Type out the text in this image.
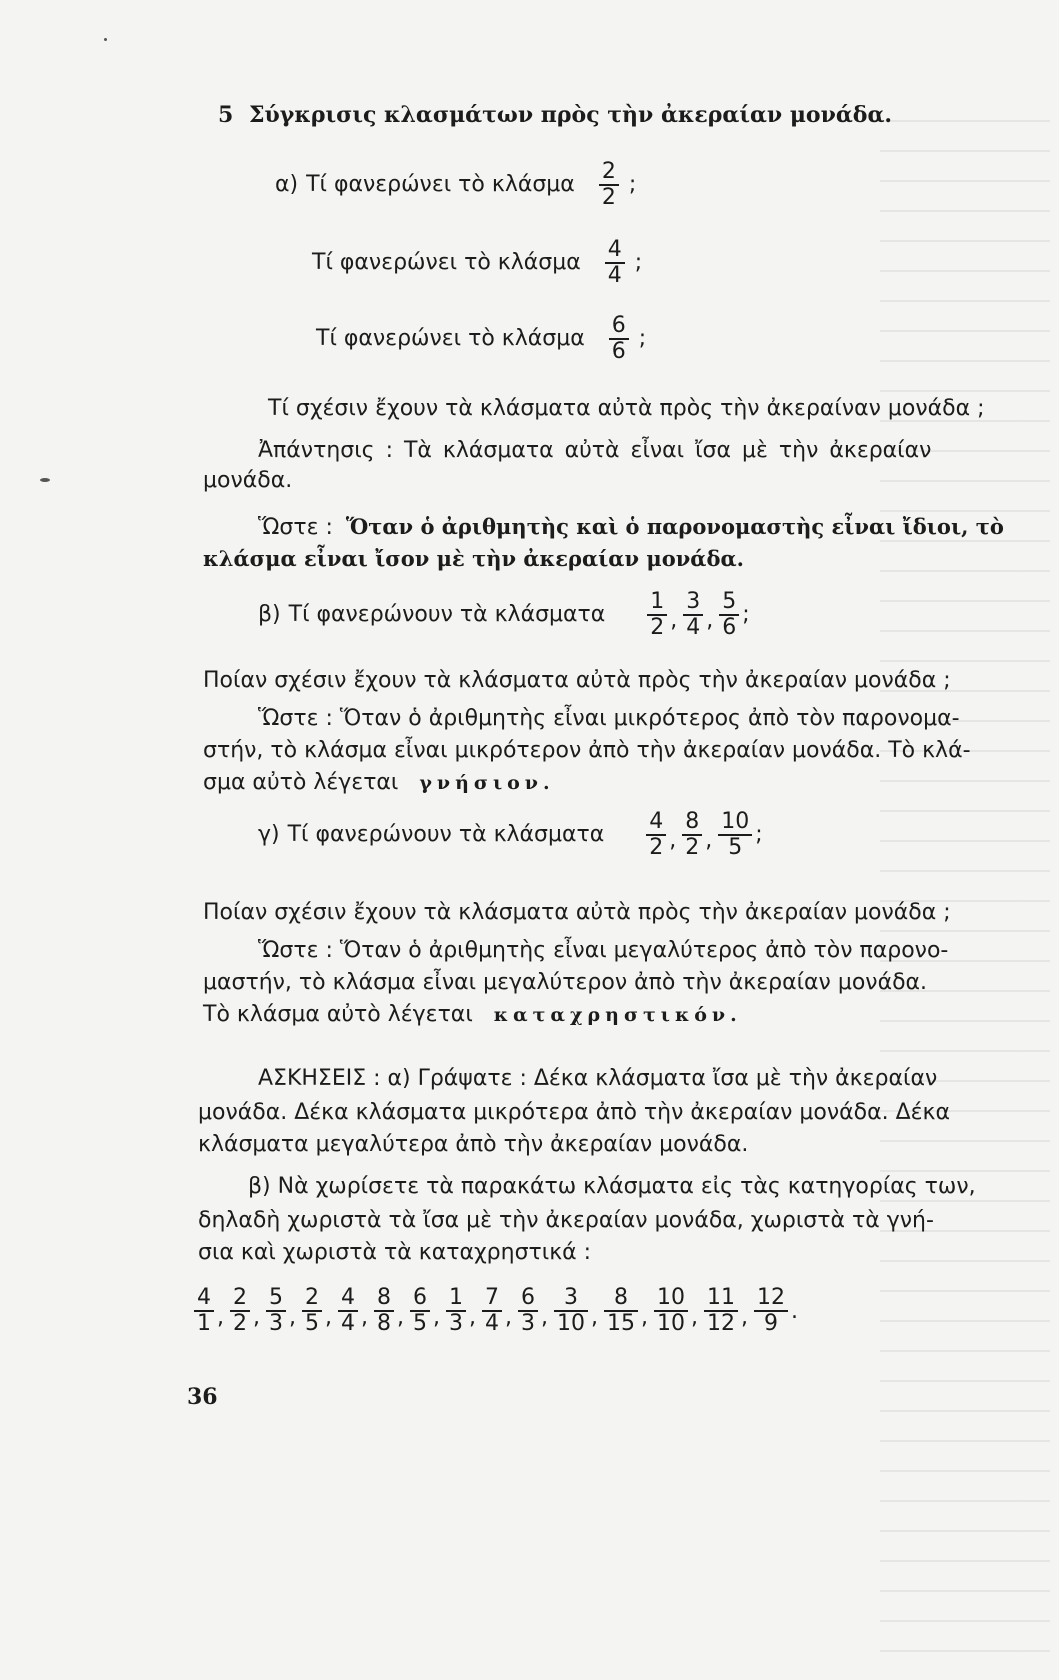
5 Σύγκρισις κλασμάτων πρὸς τὴν ἀκεραίαν μονάδα.
α) Τί φανερώνει τὸ κλάσμα $\frac{2}{2}$ ;
Τί φανερώνει τὸ κλάσμα $\frac{4}{4}$ ;
Τί φανερώνει τὸ κλάσμα $\frac{6}{6}$ ;
Τί σχέσιν ἔχουν τὰ κλάσματα αὐτὰ πρὸς τὴν ἀκεραίναν μονάδα ;
Ἀπάντησις : Τὰ κλάσματα αὐτὰ εἶναι ἴσα μὲ τὴν ἀκεραίαν
μονάδα.
Ὥστε : Ὅταν ὁ ἀριθμητὴς καὶ ὁ παρονομαστὴς εἶναι ἴδιοι, τὸ
κλάσμα εἶναι ἴσον μὲ τὴν ἀκεραίαν μονάδα.
β) Τί φανερώνουν τὰ κλάσματα $\frac{1}{2}$ , $\frac{3}{4}$ , $\frac{5}{6}$ ;
Ποίαν σχέσιν ἔχουν τὰ κλάσματα αὐτὰ πρὸς τὴν ἀκεραίαν μονάδα ;
Ὥστε : Ὅταν ὁ ἀριθμητὴς εἶναι μικρότερος ἀπὸ τὸν παρονομα-
στήν, τὸ κλάσμα εἶναι μικρότερον ἀπὸ τὴν ἀκεραίαν μονάδα. Τὸ κλά-
σμα αὐτὸ λέγεται γνήσιον.
γ) Τί φανερώνουν τὰ κλάσματα $\frac{4}{2}$ , $\frac{8}{2}$ , $\frac{10}{5}$ ;
Ποίαν σχέσιν ἔχουν τὰ κλάσματα αὐτὰ πρὸς τὴν ἀκεραίαν μονάδα ;
Ὥστε : Ὅταν ὁ ἀριθμητὴς εἶναι μεγαλύτερος ἀπὸ τὸν παρονο-
μαστήν, τὸ κλάσμα εἶναι μεγαλύτερον ἀπὸ τὴν ἀκεραίαν μονάδα.
Τὸ κλάσμα αὐτὸ λέγεται καταχρηστικόν.
ΑΣΚΗΣΕΙΣ : α) Γράψατε : Δέκα κλάσματα ἴσα μὲ τὴν ἀκεραίαν
μονάδα. Δέκα κλάσματα μικρότερα ἀπὸ τὴν ἀκεραίαν μονάδα. Δέκα
κλάσματα μεγαλύτερα ἀπὸ τὴν ἀκεραίαν μονάδα.
β) Νὰ χωρίσετε τὰ παρακάτω κλάσματα εἰς τὰς κατηγορίας των,
δηλαδὴ χωριστὰ τὰ ἴσα μὲ τὴν ἀκεραίαν μονάδα, χωριστὰ τὰ γνή-
σια καὶ χωριστὰ τὰ καταχρηστικά :
$\frac{4}{1}$ , $\frac{2}{2}$ , $\frac{5}{3}$ , $\frac{2}{5}$ , $\frac{4}{4}$ , $\frac{8}{8}$ , $\frac{6}{5}$ , $\frac{1}{3}$ , $\frac{7}{4}$ , $\frac{6}{3}$ , $\frac{3}{10}$ , $\frac{8}{15}$ , $\frac{10}{10}$ , $\frac{11}{12}$ , $\frac{12}{9}$ .
36
